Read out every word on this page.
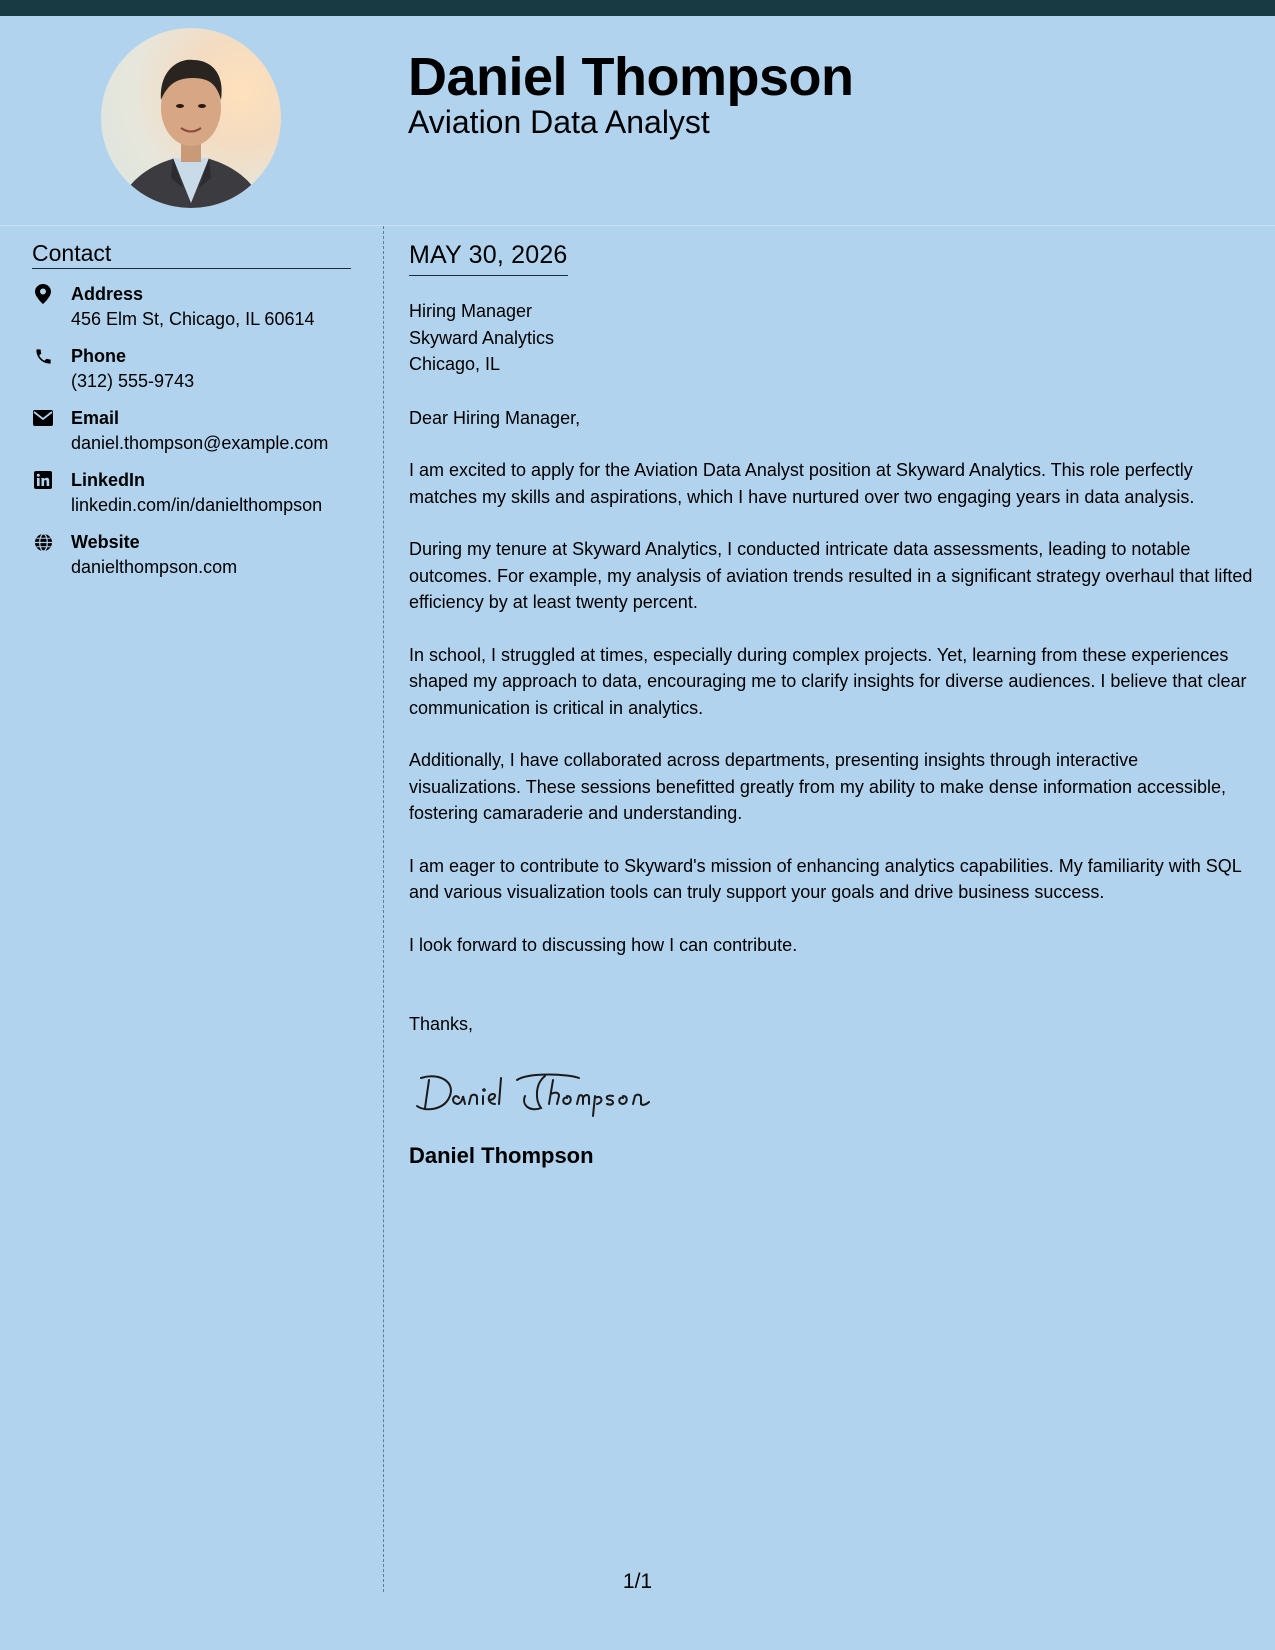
Daniel Thompson
Aviation Data Analyst
Contact
Address
456 Elm St, Chicago, IL 60614
Phone
(312) 555-9743
Email
daniel.thompson@example.com
LinkedIn
linkedin.com/in/danielthompson
Website
danielthompson.com
MAY 30, 2026
Hiring Manager
Skyward Analytics
Chicago, IL
Dear Hiring Manager,

I am excited to apply for the Aviation Data Analyst position at Skyward Analytics. This role perfectly matches my skills and aspirations, which I have nurtured over two engaging years in data analysis.

During my tenure at Skyward Analytics, I conducted intricate data assessments, leading to notable outcomes. For example, my analysis of aviation trends resulted in a significant strategy overhaul that lifted efficiency by at least twenty percent.

In school, I struggled at times, especially during complex projects. Yet, learning from these experiences shaped my approach to data, encouraging me to clarify insights for diverse audiences. I believe that clear communication is critical in analytics.

Additionally, I have collaborated across departments, presenting insights through interactive visualizations. These sessions benefitted greatly from my ability to make dense information accessible, fostering camaraderie and understanding.

I am eager to contribute to Skyward's mission of enhancing analytics capabilities. My familiarity with SQL and various visualization tools can truly support your goals and drive business success.

I look forward to discussing how I can contribute.

Thanks,
Daniel Thompson
1/1
